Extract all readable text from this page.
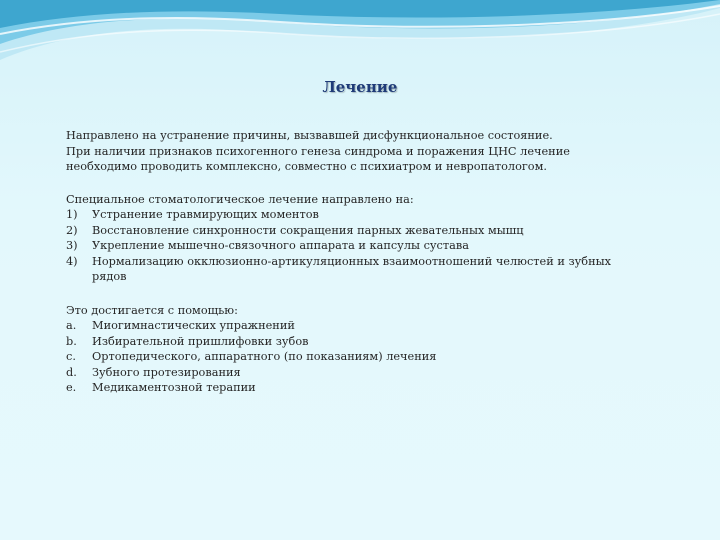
Лечение

Направлено на устранение причины, вызвавшей дисфункциональное состояние.

При наличии признаков психогенного генеза синдрома и поражения ЦНС лечение необходимо проводить комплексно, совместно с психиатром и невропатологом.

Специальное стоматологическое лечение направлено на:

1)	Устранение травмирующих моментов
2)	Восстановление синхронности сокращения парных жевательных мышц
3)	Укрепление мышечно-связочного аппарата и капсулы сустава
4)	Нормализацию окклюзионно-артикуляционных взаимоотношений челюстей и зубных рядов

Это достигается с помощью:

a.	Миогимнастических упражнений
b.	Избирательной пришлифовки зубов
c.	Ортопедического, аппаратного (по показаниям) лечения
d.	Зубного протезирования
e.	Медикаментозной терапии
